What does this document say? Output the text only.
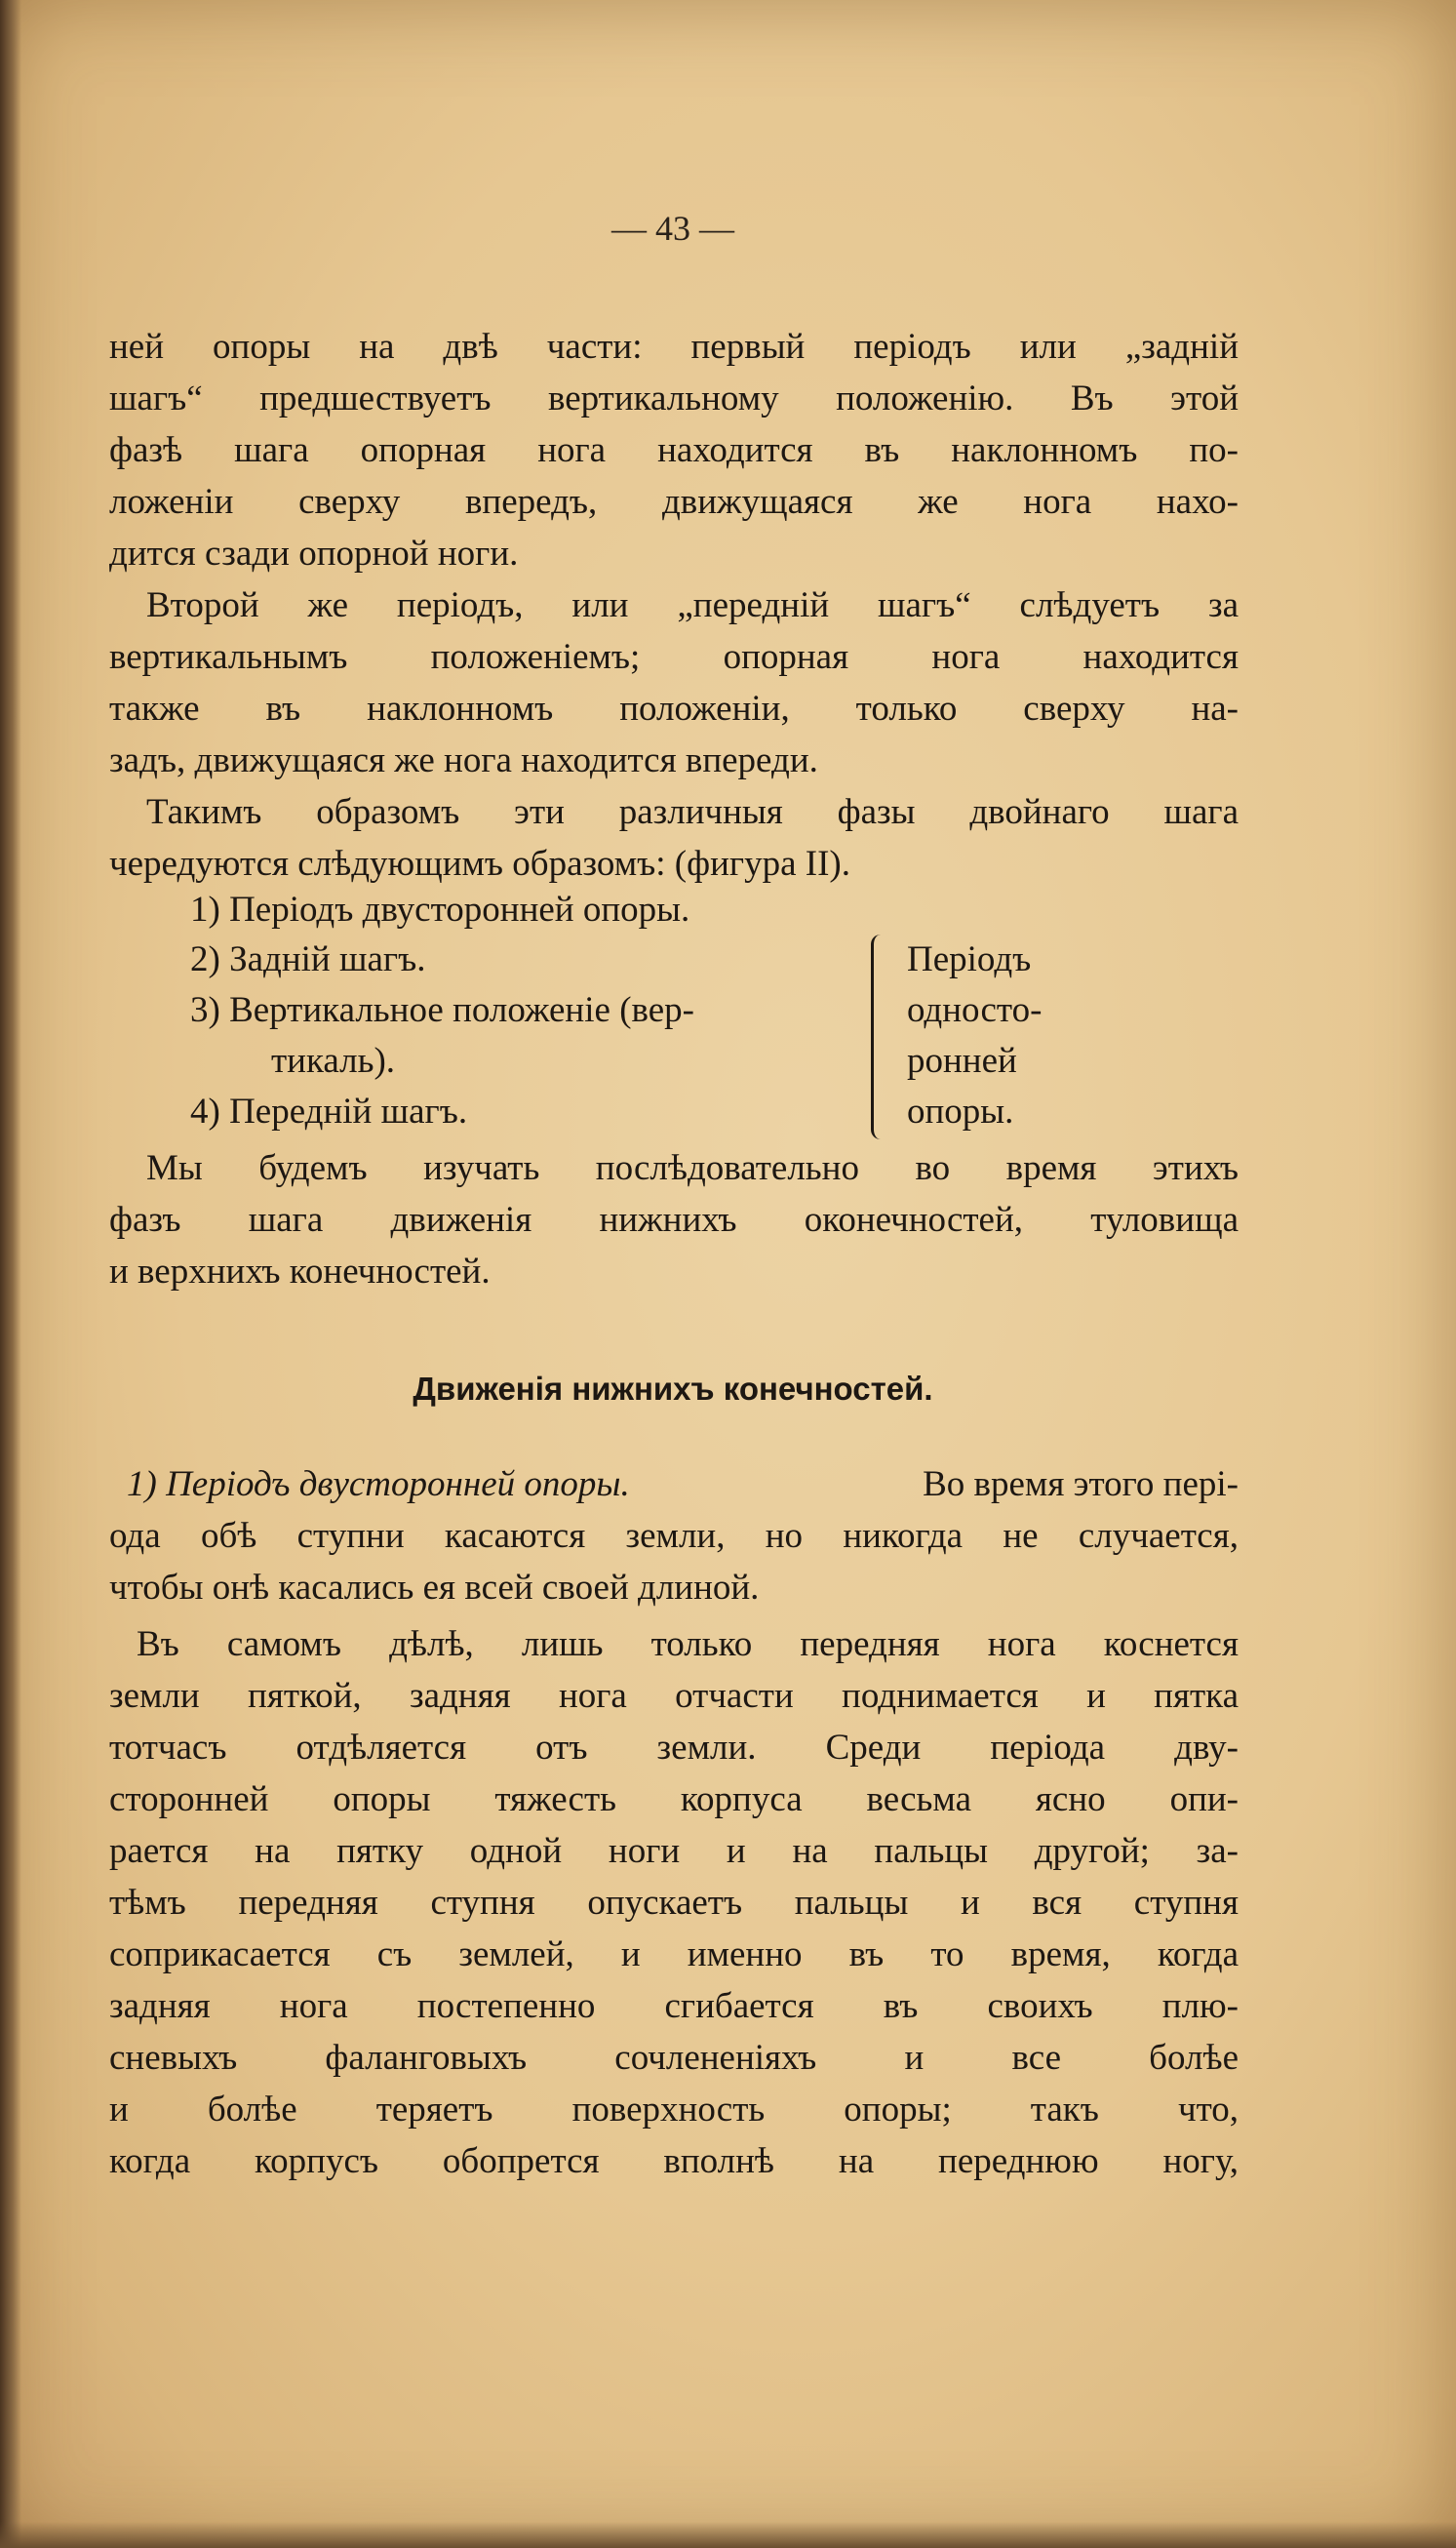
— 43 —
ней опоры на двѣ части: первый періодъ или „задній
шагъ“ предшествуетъ вертикальному положенію. Въ этой
фазѣ шага опорная нога находится въ наклонномъ по-
ложеніи сверху впередъ, движущаяся же нога нахо-
дится сзади опорной ноги.
Второй же періодъ, или „передній шагъ“ слѣдуетъ за
вертикальнымъ положеніемъ; опорная нога находится
также въ наклонномъ положеніи, только сверху на-
задъ, движущаяся же нога находится впереди.
Такимъ образомъ эти различныя фазы двойнаго шага
чередуются слѣдующимъ образомъ: (фигура II).
1) Періодъ двусторонней опоры.
2) Задній шагъ.
3) Вертикальное положеніе (вер-
тикаль).
4) Передній шагъ.
Періодъ
односто-
ронней
опоры.
Мы будемъ изучать послѣдовательно во время этихъ
фазъ шага движенія нижнихъ оконечностей, туловища
и верхнихъ конечностей.
Движенія нижнихъ конечностей.
1) Періодъ двусторонней опоры.	Во время этого пері-
ода обѣ ступни касаются земли, но никогда не случается,
чтобы онѣ касались ея всей своей длиной.
Въ самомъ дѣлѣ, лишь только передняя нога коснется
земли пяткой, задняя нога отчасти поднимается и пятка
тотчасъ отдѣляется отъ земли. Среди періода дву-
сторонней опоры тяжесть корпуса весьма ясно опи-
рается на пятку одной ноги и на пальцы другой; за-
тѣмъ передняя ступня опускаетъ пальцы и вся ступня
соприкасается съ землей, и именно въ то время, когда
задняя нога постепенно сгибается въ своихъ плю-
сневыхъ фаланговыхъ сочлененіяхъ и все болѣе
и болѣе теряетъ поверхность опоры; такъ что,
когда корпусъ обопрется вполнѣ на переднюю ногу,
